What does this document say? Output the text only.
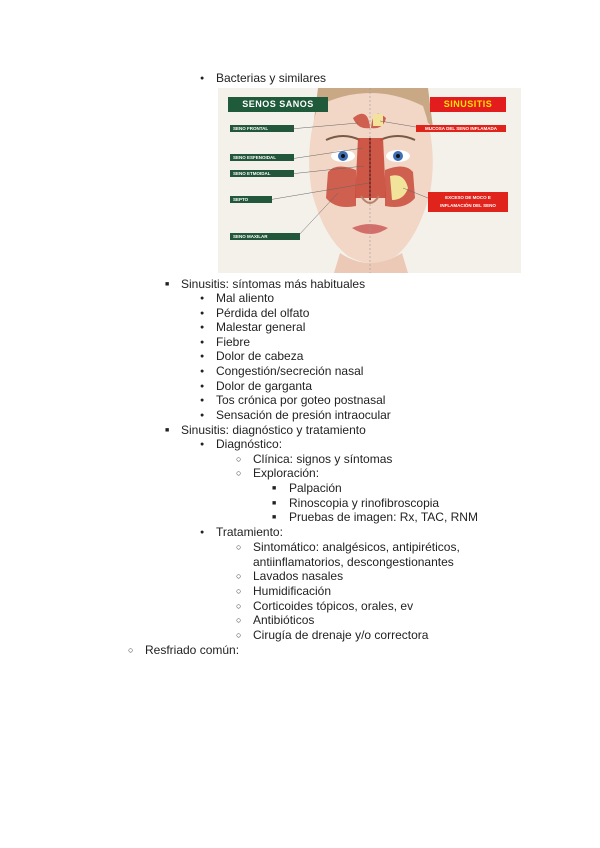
●
Bacterias y similares
SENOS SANOS	SINUSITIS
SENO FRONTAL
SENO ESFENOIDAL
SENO ETMOIDAL
SEPTO
SENO MAXILAR
MUCOSA DEL SENO INFLAMADA
EXCESO DE MOCO E
INFLAMACIÓN DEL SENO
■
Sinusitis: síntomas más habituales
●
Mal aliento
●
Pérdida del olfato
●
Malestar general
●
Fiebre
●
Dolor de cabeza
●
Congestión/secreción nasal
●
Dolor de garganta
●
Tos crónica por goteo postnasal
●
Sensación de presión intraocular
■
Sinusitis: diagnóstico y tratamiento
●
Diagnóstico:
○
Clínica: signos y síntomas
○
Exploración:
■
Palpación
■
Rinoscopia y rinofibroscopia
■
Pruebas de imagen: Rx, TAC, RNM
●
Tratamiento:
○
Sintomático: analgésicos, antipiréticos,
antiinflamatorios, descongestionantes
○
Lavados nasales
○
Humidificación
○
Corticoides tópicos, orales, ev
○
Antibióticos
○
Cirugía de drenaje y/o correctora
○
Resfriado común:
